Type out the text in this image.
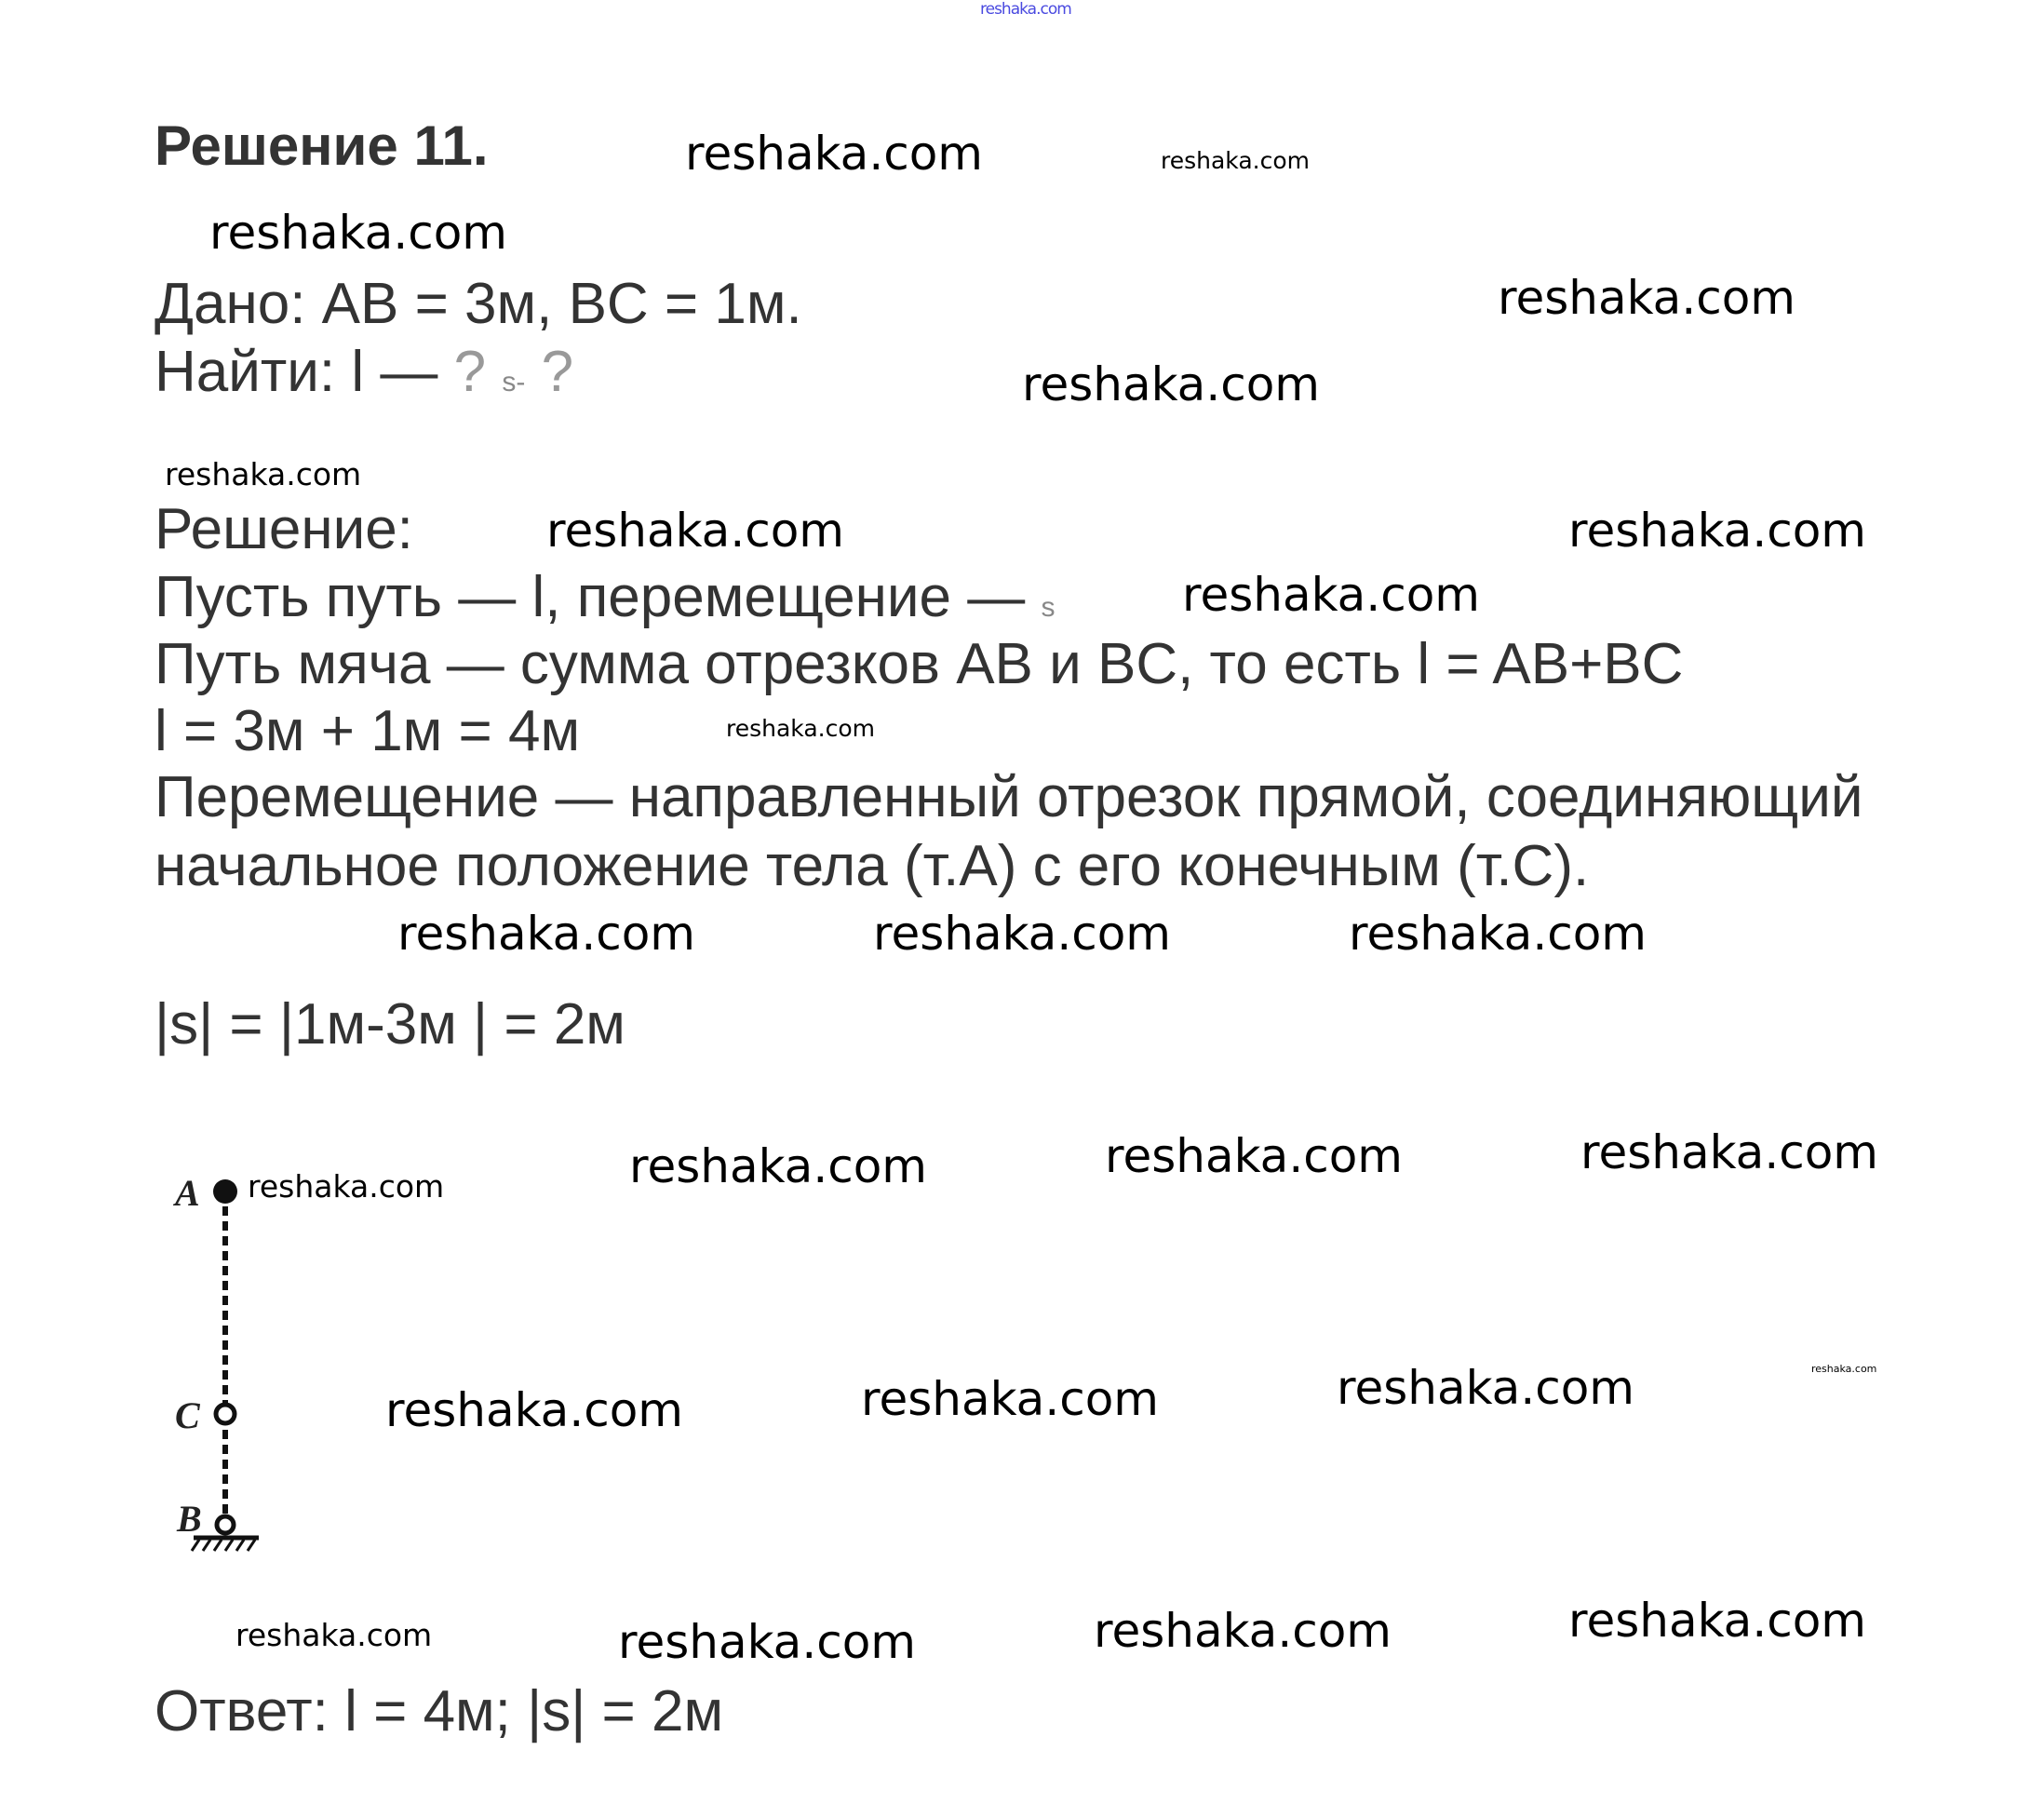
reshaka.com
Решение 11.
Дано: AB = 3м, BC = 1м.
Найти: l — ? s- ?
Решение:
Пусть путь — l, перемещение — s
Путь мяча — сумма отрезков AB и BC, то есть l = AB+BC
l = 3м + 1м = 4м
Перемещение — направленный отрезок прямой, соединяющий
начальное положение тела (т.А) с его конечным (т.С).
|s| = |1м-3м | = 2м
Ответ: l = 4м; |s| = 2м
A
C
B
reshaka.com	reshaka.com
reshaka.com
reshaka.com
reshaka.com
reshaka.com
reshaka.com
reshaka.com
reshaka.com
reshaka.com
reshaka.com	reshaka.com	reshaka.com
reshaka.com	reshaka.com	reshaka.com
reshaka.com
reshaka.com	reshaka.com	reshaka.com	reshaka.com
reshaka.com	reshaka.com	reshaka.com	reshaka.com
